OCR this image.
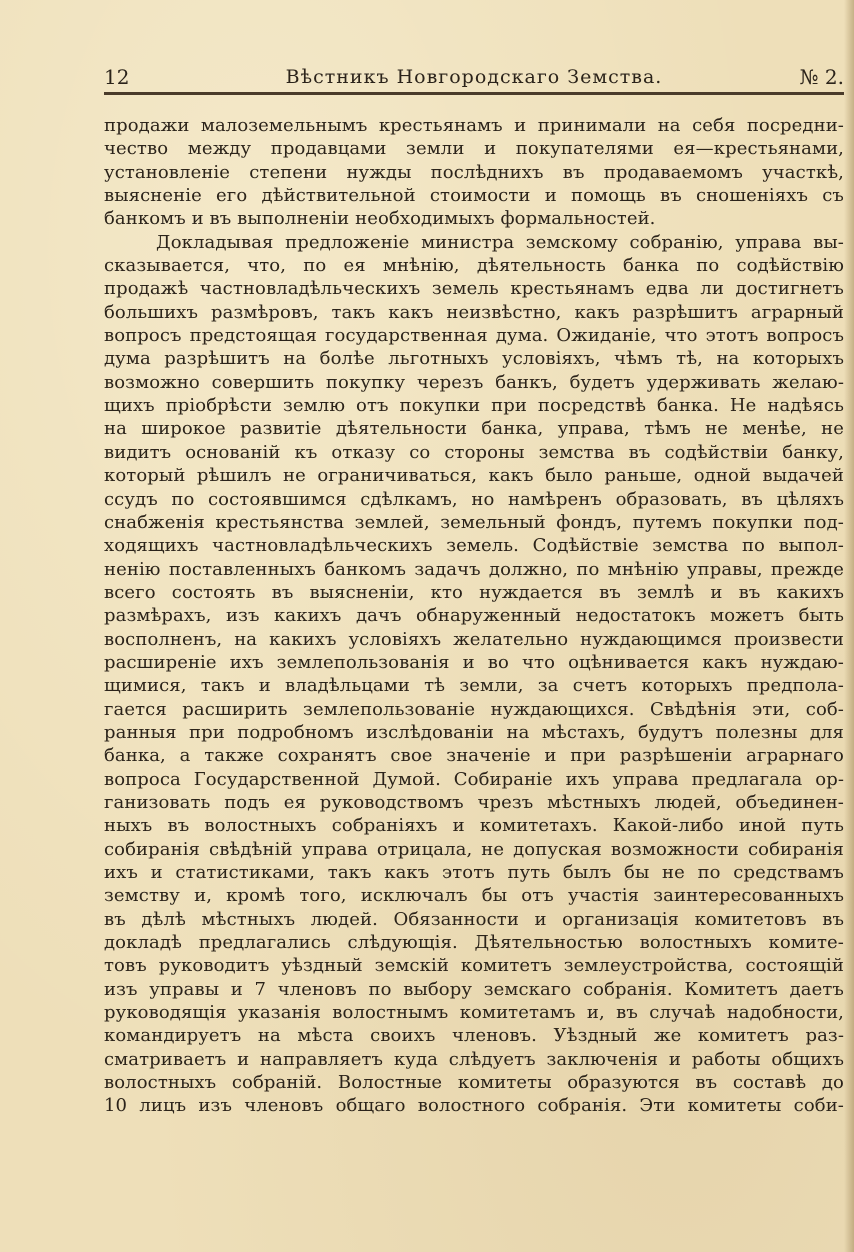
12	Вѣстникъ Новгородскаго Земства.	№ 2.
продажи малоземельнымъ крестьянамъ и принимали на себя посредни-
чество между продавцами земли и покупателями ея—крестьянами,
установленіе степени нужды послѣднихъ въ продаваемомъ участкѣ,
выясненіе его дѣйствительной стоимости и помощь въ сношеніяхъ съ
банкомъ и въ выполненіи необходимыхъ формальностей.
Докладывая предложеніе министра земскому собранію, управа вы-
сказывается, что, по ея мнѣнію, дѣятельность банка по содѣйствію
продажѣ частновладѣльческихъ земель крестьянамъ едва ли достигнетъ
большихъ размѣровъ, такъ какъ неизвѣстно, какъ разрѣшитъ аграрный
вопросъ предстоящая государственная дума. Ожиданіе, что этотъ вопросъ
дума разрѣшитъ на болѣе льготныхъ условіяхъ, чѣмъ тѣ, на которыхъ
возможно совершить покупку черезъ банкъ, будетъ удерживать желаю-
щихъ пріобрѣсти землю отъ покупки при посредствѣ банка. Не надѣясь
на широкое развитіе дѣятельности банка, управа, тѣмъ не менѣе, не
видитъ основаній къ отказу со стороны земства въ содѣйствіи банку,
который рѣшилъ не ограничиваться, какъ было раньше, одной выдачей
ссудъ по состоявшимся сдѣлкамъ, но намѣренъ образовать, въ цѣляхъ
снабженія крестьянства землей, земельный фондъ, путемъ покупки под-
ходящихъ частновладѣльческихъ земель. Содѣйствіе земства по выпол-
ненію поставленныхъ банкомъ задачъ должно, по мнѣнію управы, прежде
всего состоять въ выясненіи, кто нуждается въ землѣ и въ какихъ
размѣрахъ, изъ какихъ дачъ обнаруженный недостатокъ можетъ быть
восполненъ, на какихъ условіяхъ желательно нуждающимся произвести
расширеніе ихъ землепользованія и во что оцѣнивается какъ нуждаю-
щимися, такъ и владѣльцами тѣ земли, за счетъ которыхъ предпола-
гается расширить землепользованіе нуждающихся. Свѣдѣнія эти, соб-
ранныя при подробномъ изслѣдованіи на мѣстахъ, будутъ полезны для
банка, а также сохранятъ свое значеніе и при разрѣшеніи аграрнаго
вопроса Государственной Думой. Собираніе ихъ управа предлагала ор-
ганизовать подъ ея руководствомъ чрезъ мѣстныхъ людей, объединен-
ныхъ въ волостныхъ собраніяхъ и комитетахъ. Какой-либо иной путь
собиранія свѣдѣній управа отрицала, не допуская возможности собиранія
ихъ и статистиками, такъ какъ этотъ путь былъ бы не по средствамъ
земству и, кромѣ того, исключалъ бы отъ участія заинтересованныхъ
въ дѣлѣ мѣстныхъ людей. Обязанности и организація комитетовъ въ
докладѣ предлагались слѣдующія. Дѣятельностью волостныхъ комите-
товъ руководитъ уѣздный земскій комитетъ землеустройства, состоящій
изъ управы и 7 членовъ по выбору земскаго собранія. Комитетъ даетъ
руководящія указанія волостнымъ комитетамъ и, въ случаѣ надобности,
командируетъ на мѣста своихъ членовъ. Уѣздный же комитетъ раз-
сматриваетъ и направляетъ куда слѣдуетъ заключенія и работы общихъ
волостныхъ собраній. Волостные комитеты образуются въ составѣ до
10 лицъ изъ членовъ общаго волостного собранія. Эти комитеты соби-
